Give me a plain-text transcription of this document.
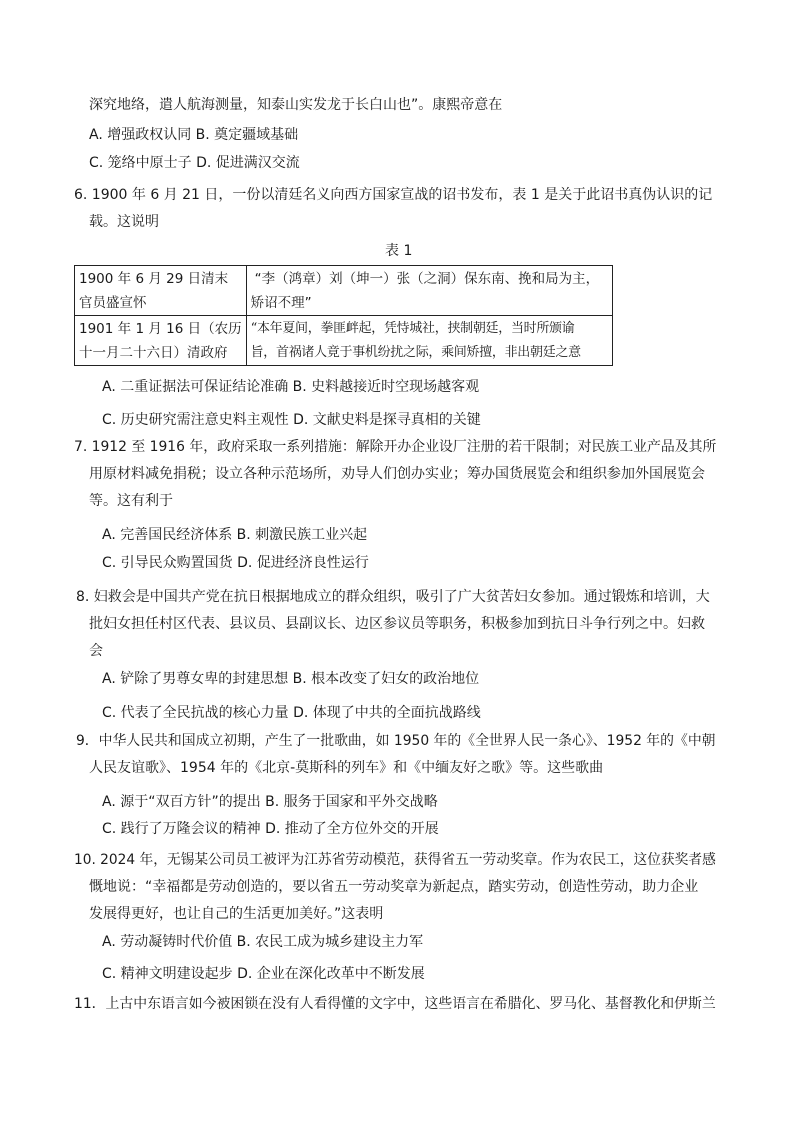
深究地络，遣人航海测量，知泰山实发龙于长白山也”。康熙帝意在
A. 增强政权认同 B. 奠定疆域基础
C. 笼络中原士子 D. 促进满汉交流
6. 1900 年 6 月 21 日，一份以清廷名义向西方国家宣战的诏书发布，表 1 是关于此诏书真伪认识的记
载。这说明
表 1
1900 年 6 月 29 日清末
官员盛宣怀	“李（鸿章）刘（坤一）张（之洞）保东南、挽和局为主，
矫诏不理”

1901 年 1 月 16 日（农历
十一月二十六日）清政府	“本年夏间，拳匪衅起，凭恃城社，挟制朝廷，当时所颁谕
旨，首祸诸人竟于事机纷扰之际，乘间矫擅，非出朝廷之意
A. 二重证据法可保证结论准确 B. 史料越接近时空现场越客观
C. 历史研究需注意史料主观性 D. 文献史料是探寻真相的关键
7. 1912 至 1916 年，政府采取一系列措施：解除开办企业设厂注册的若干限制；对民族工业产品及其所
用原材料减免捐税；设立各种示范场所，劝导人们创办实业；筹办国货展览会和组织参加外国展览会
等。这有利于
A. 完善国民经济体系 B. 刺激民族工业兴起
C. 引导民众购置国货 D. 促进经济良性运行
8. 妇救会是中国共产党在抗日根据地成立的群众组织，吸引了广大贫苦妇女参加。通过锻炼和培训，大
批妇女担任村区代表、县议员、县副议长、边区参议员等职务，积极参加到抗日斗争行列之中。妇救
会
A. 铲除了男尊女卑的封建思想 B. 根本改变了妇女的政治地位
C. 代表了全民抗战的核心力量 D. 体现了中共的全面抗战路线
9．中华人民共和国成立初期，产生了一批歌曲，如 1950 年的《全世界人民一条心》、1952 年的《中朝
人民友谊歌》、1954 年的《北京-莫斯科的列车》和《中缅友好之歌》等。这些歌曲
A. 源于“双百方针”的提出 B. 服务于国家和平外交战略
C. 践行了万隆会议的精神 D. 推动了全方位外交的开展
10. 2024 年，无锡某公司员工被评为江苏省劳动模范，获得省五一劳动奖章。作为农民工，这位获奖者感
慨地说：“幸福都是劳动创造的，要以省五一劳动奖章为新起点，踏实劳动，创造性劳动，助力企业
发展得更好，也让自己的生活更加美好。”这表明
A. 劳动凝铸时代价值 B. 农民工成为城乡建设主力军
C. 精神文明建设起步 D. 企业在深化改革中不断发展
11．上古中东语言如今被困锁在没有人看得懂的文字中，这些语言在希腊化、罗马化、基督教化和伊斯兰
